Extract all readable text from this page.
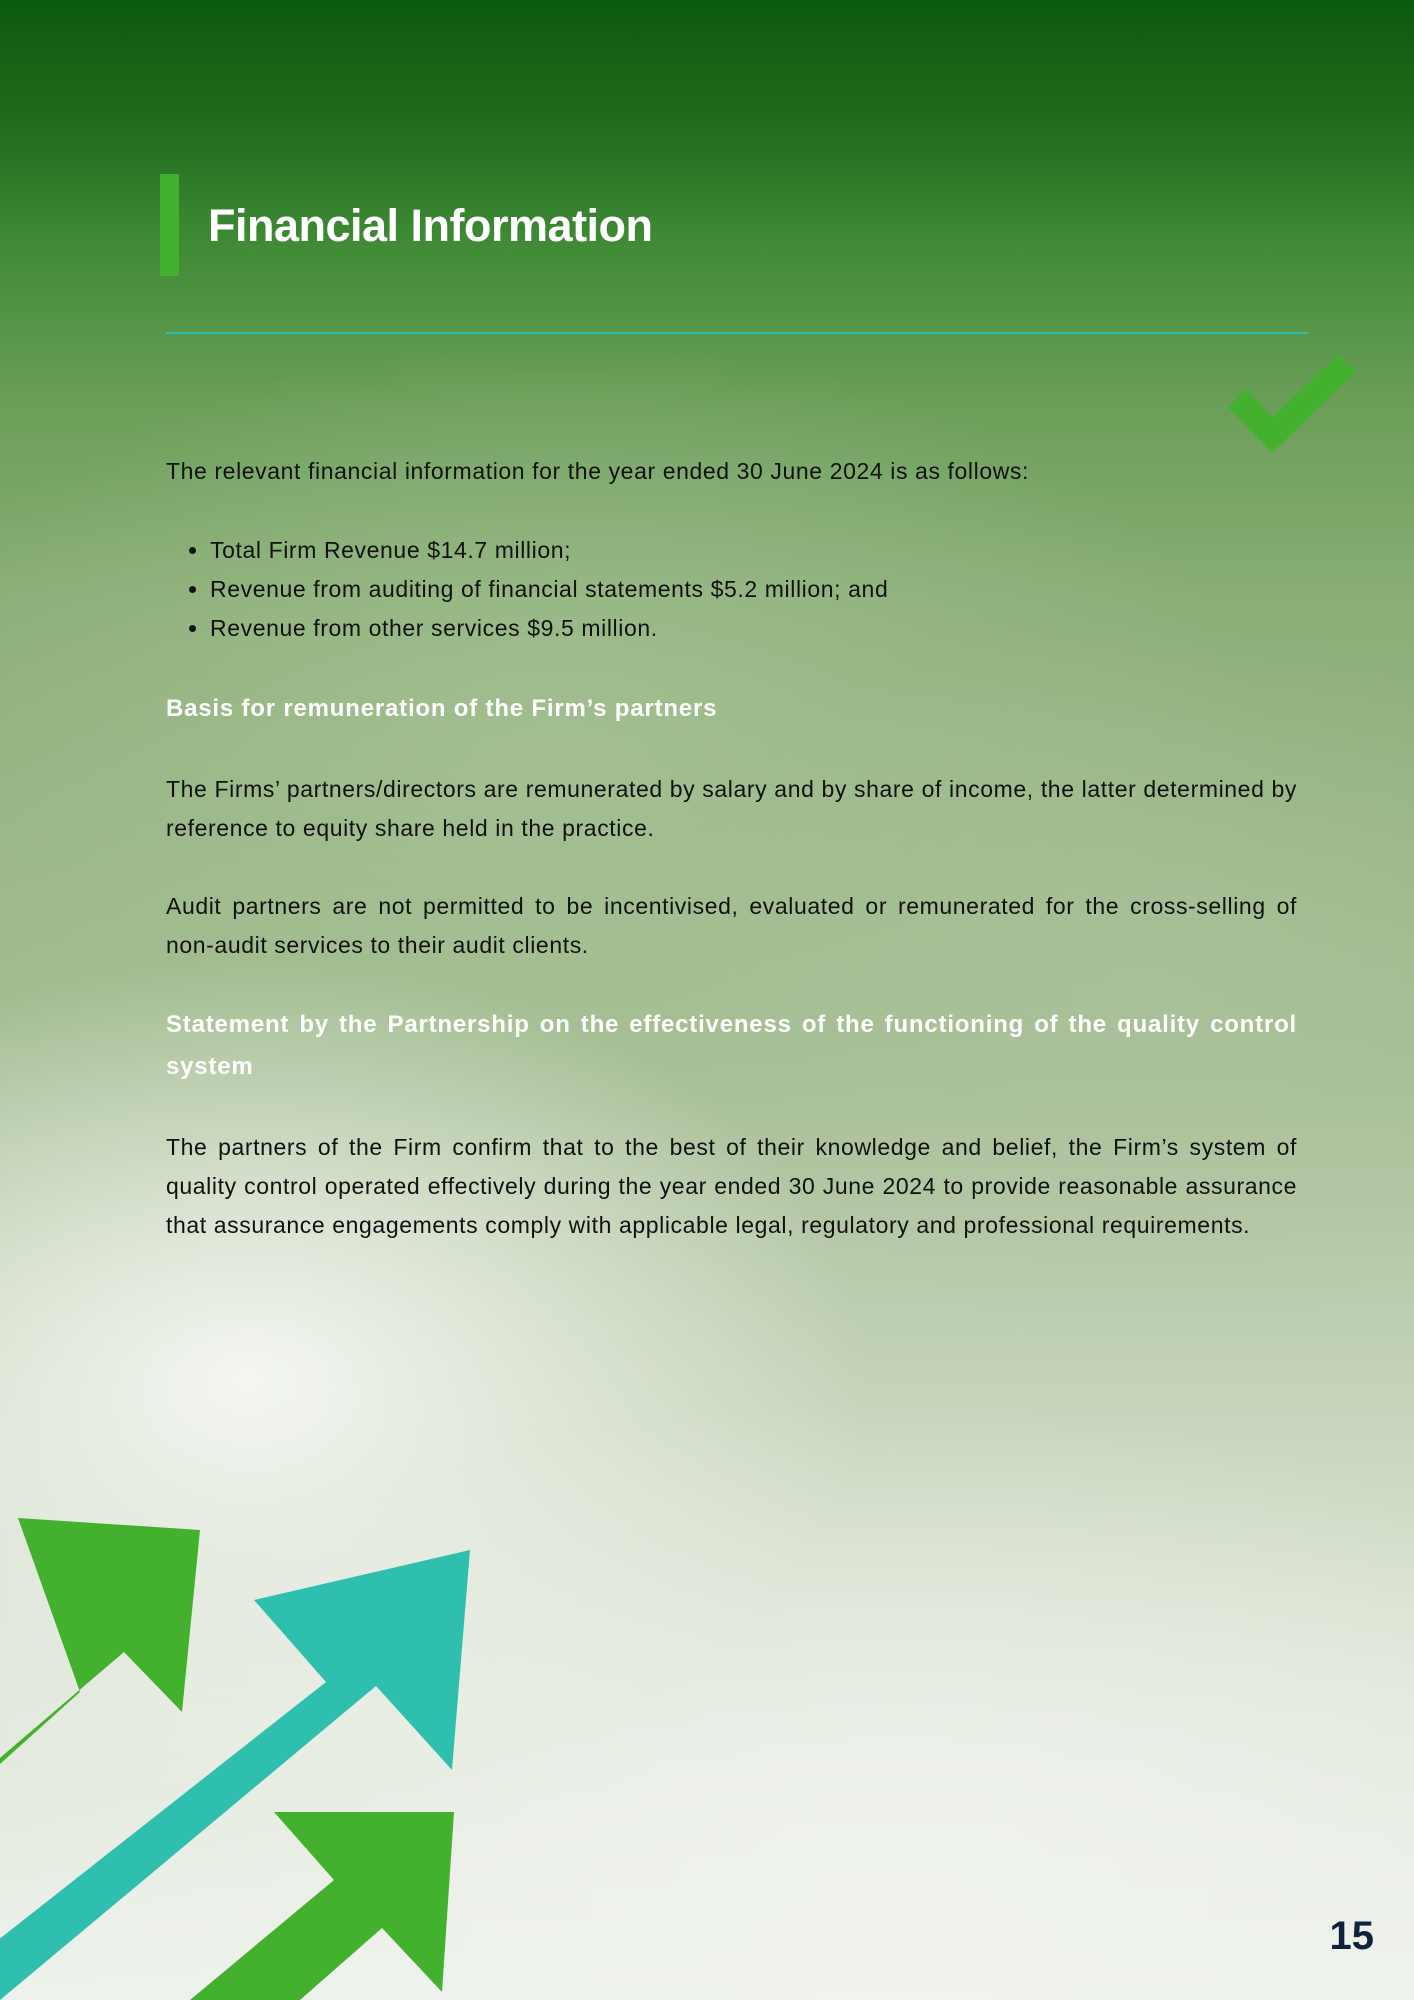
Financial Information

The relevant financial information for the year ended 30 June 2024 is as follows:

• Total Firm Revenue $14.7 million;
• Revenue from auditing of financial statements $5.2 million; and
• Revenue from other services $9.5 million.
Basis for remuneration of the Firm’s partners

The Firms’ partners/directors are remunerated by salary and by share of income, the latter determined by reference to equity share held in the practice.

Audit partners are not permitted to be incentivised, evaluated or remunerated for the cross-selling of non-audit services to their audit clients.

Statement by the Partnership on the effectiveness of the functioning of the quality control system

The partners of the Firm confirm that to the best of their knowledge and belief, the Firm’s system of quality control operated effectively during the year ended 30 June 2024 to provide reasonable assurance that assurance engagements comply with applicable legal, regulatory and professional requirements.

15
